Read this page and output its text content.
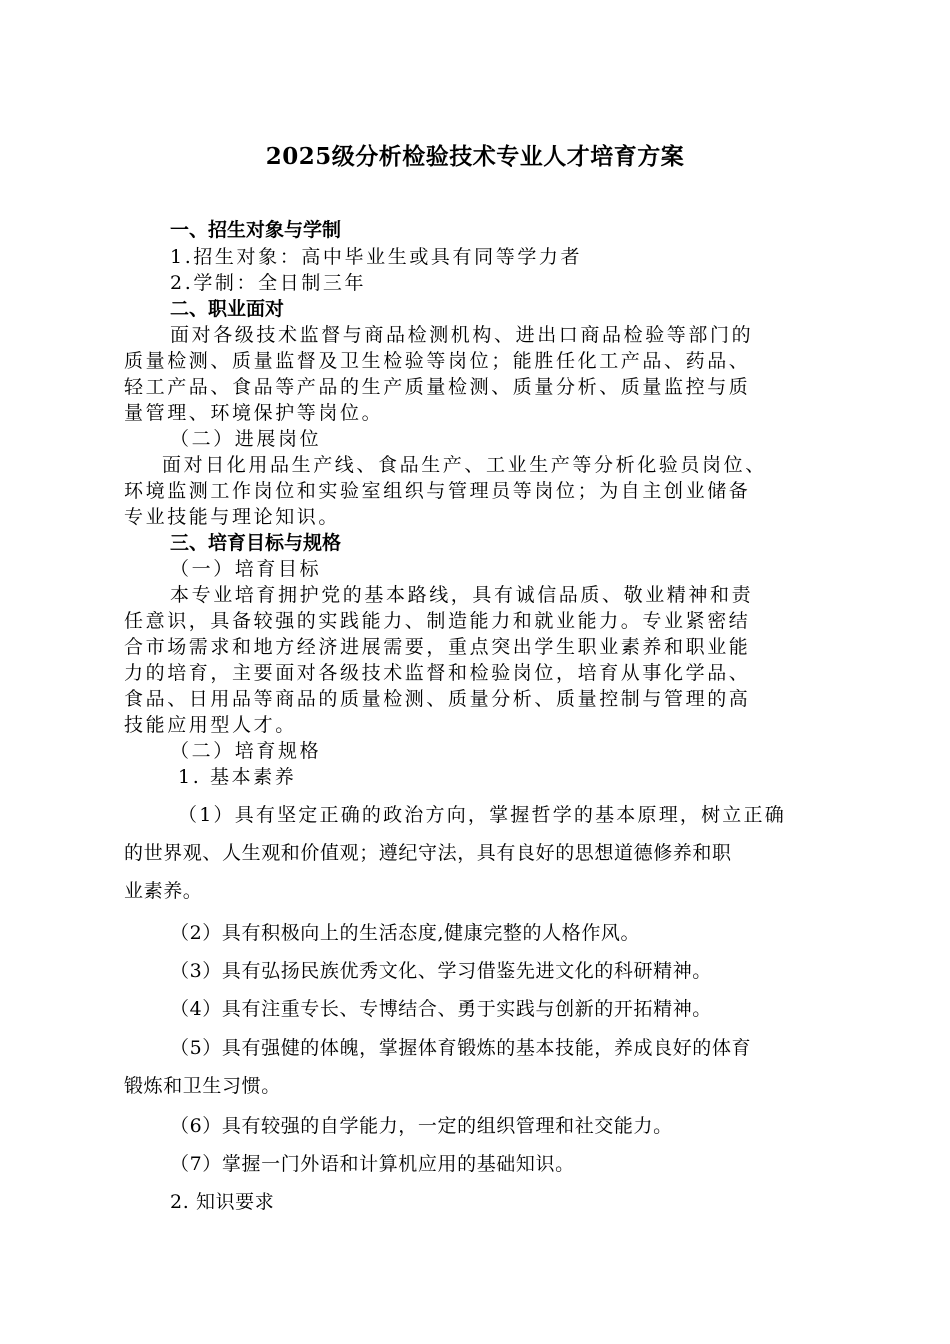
2025级分析检验技术专业人才培育方案
一、招生对象与学制
1.招生对象：高中毕业生或具有同等学力者
2.学制：全日制三年
二、职业面对
面对各级技术监督与商品检测机构、进出口商品检验等部门的
质量检测、质量监督及卫生检验等岗位；能胜任化工产品、药品、
轻工产品、食品等产品的生产质量检测、质量分析、质量监控与质
量管理、环境保护等岗位。
（二）进展岗位
面对日化用品生产线、食品生产、工业生产等分析化验员岗位、
环境监测工作岗位和实验室组织与管理员等岗位；为自主创业储备
专业技能与理论知识。
三、培育目标与规格
（一）培育目标
本专业培育拥护党的基本路线，具有诚信品质、敬业精神和责
任意识，具备较强的实践能力、制造能力和就业能力。专业紧密结
合市场需求和地方经济进展需要，重点突出学生职业素养和职业能
力的培育，主要面对各级技术监督和检验岗位，培育从事化学品、
食品、日用品等商品的质量检测、质量分析、质量控制与管理的高
技能应用型人才。
（二）培育规格
1. 基本素养
（1）具有坚定正确的政治方向，掌握哲学的基本原理，树立正确
的世界观、人生观和价值观；遵纪守法，具有良好的思想道德修养和职
业素养。
（2）具有积极向上的生活态度,健康完整的人格作风。
（3）具有弘扬民族优秀文化、学习借鉴先进文化的科研精神。
（4）具有注重专长、专博结合、勇于实践与创新的开拓精神。
（5）具有强健的体魄，掌握体育锻炼的基本技能，养成良好的体育
锻炼和卫生习惯。
（6）具有较强的自学能力，一定的组织管理和社交能力。
（7）掌握一门外语和计算机应用的基础知识。
2. 知识要求
